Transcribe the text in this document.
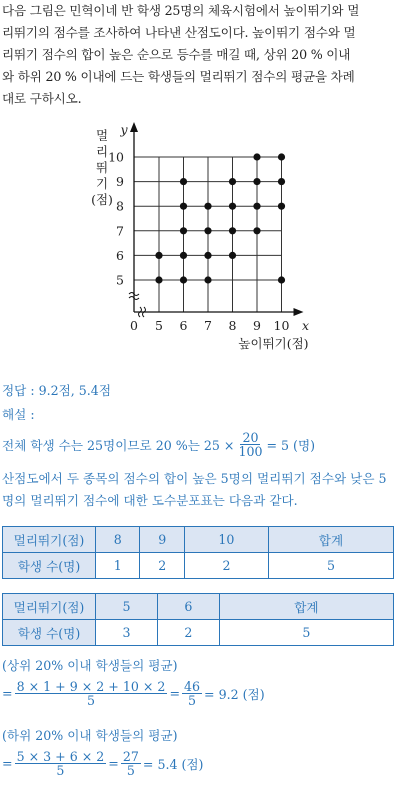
다음 그림은 민혁이네 반 학생 25명의 체육시험에서 높이뛰기와 멀

리뛰기의 점수를 조사하여 나타낸 산점도이다. 높이뛰기 점수와 멀

리뛰기 점수의 합이 높은 순으로 등수를 매길 때, 상위 20 % 이내

와 하위 20 % 이내에 드는 학생들의 멀리뛰기 점수의 평균을 차례

대로 구하시오.

5
6
7
8
9
10
5 6 7 8 9 10
0
y
x
높이뛰기(점)
멀
리
뛰
기
(점)
정답 : 9.2점, 5.4점
해설 :
전체 학생 수는 25명이므로 20 %는 $25 \times \frac{20}{100} = 5$ (명)
산점도에서 두 종목의 점수의 합이 높은 5명의 멀리뛰기 점수와 낮은 5명의 멀리뛰기 점수에 대한 도수분포표는 다음과 같다.
멀리뛰기(점)	8	9	10	합계
학생 수(명)	1	2	2	5
멀리뛰기(점)	5	6	합계
학생 수(명)	3	2	5
(상위 20% 이내 학생들의 평균)
= $\frac{8 \times 1 + 9 \times 2 + 10 \times 2}{5} = \frac{46}{5} = 9.2$ (점)
(하위 20% 이내 학생들의 평균)
= $\frac{5 \times 3 + 6 \times 2}{5} = \frac{27}{5} = 5.4$ (점)
